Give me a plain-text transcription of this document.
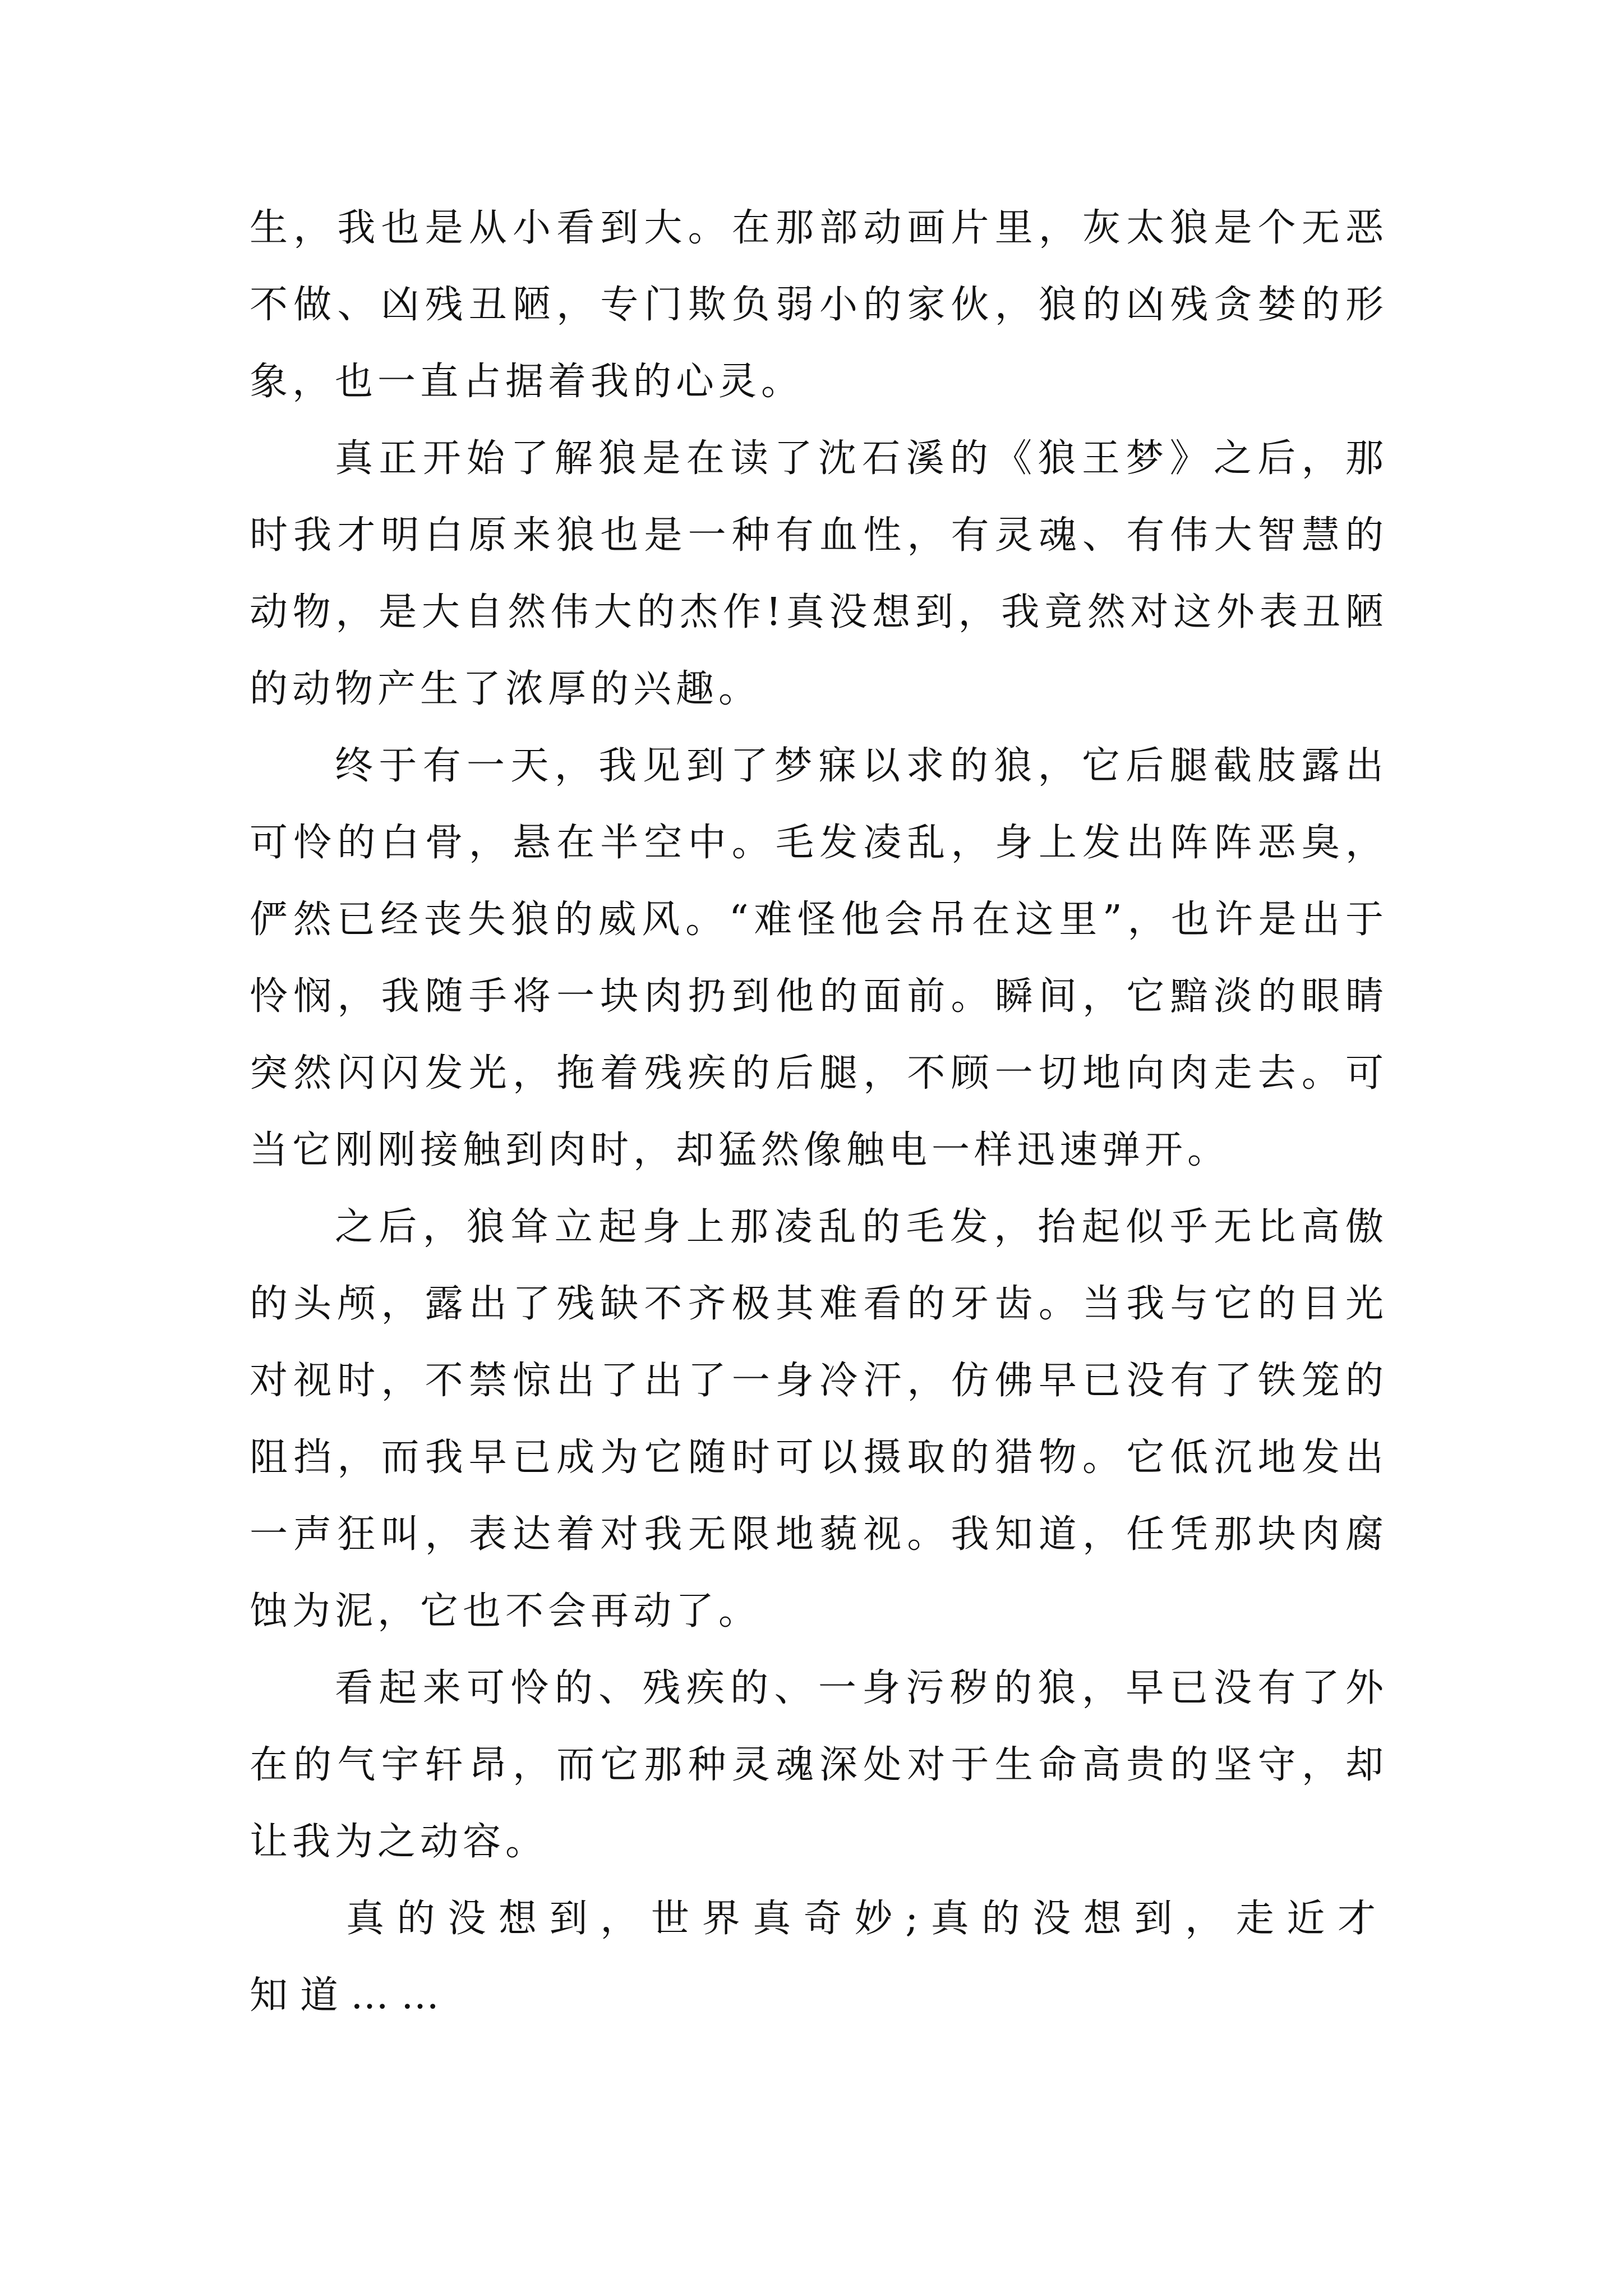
生，我也是从小看到大。在那部动画片里，灰太狼是个无恶不做、凶残丑陋，专门欺负弱小的家伙，狼的凶残贪婪的形象，也一直占据着我的心灵。

真正开始了解狼是在读了沈石溪的《狼王梦》之后，那时我才明白原来狼也是一种有血性，有灵魂、有伟大智慧的动物，是大自然伟大的杰作!真没想到，我竟然对这外表丑陋的动物产生了浓厚的兴趣。

终于有一天，我见到了梦寐以求的狼，它后腿截肢露出可怜的白骨，悬在半空中。毛发凌乱，身上发出阵阵恶臭，俨然已经丧失狼的威风。“难怪他会吊在这里”，也许是出于怜悯，我随手将一块肉扔到他的面前。瞬间，它黯淡的眼睛突然闪闪发光，拖着残疾的后腿，不顾一切地向肉走去。可当它刚刚接触到肉时，却猛然像触电一样迅速弹开。

之后，狼耸立起身上那凌乱的毛发，抬起似乎无比高傲的头颅，露出了残缺不齐极其难看的牙齿。当我与它的目光对视时，不禁惊出了出了一身冷汗，仿佛早已没有了铁笼的阻挡，而我早已成为它随时可以摄取的猎物。它低沉地发出一声狂叫，表达着对我无限地藐视。我知道，任凭那块肉腐蚀为泥，它也不会再动了。

看起来可怜的、残疾的、一身污秽的狼，早已没有了外在的气宇轩昂，而它那种灵魂深处对于生命高贵的坚守，却让我为之动容。

真的没想到，世界真奇妙;真的没想到，走近才知道……
